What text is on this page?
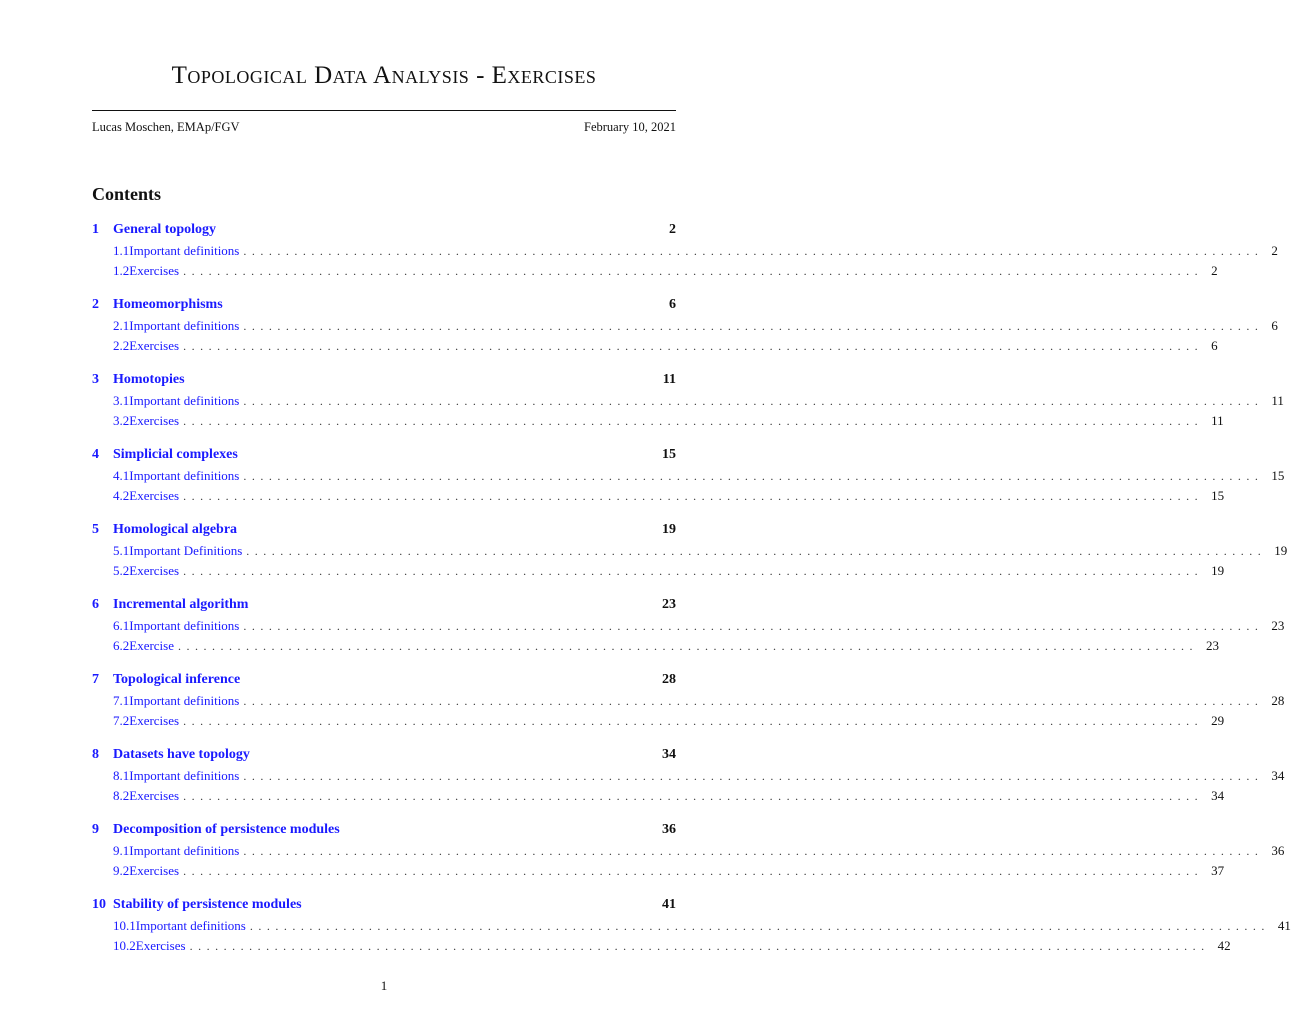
Topological Data Analysis - Exercises
Lucas Moschen, EMAp/FGV	February 10, 2021
Contents
1	General topology	2
1.1 Important definitions ........................................................................................................................ 2
1.2 Exercises ........................................................................................................................ 2
2	Homeomorphisms	6
2.1 Important definitions ........................................................................................................................ 6
2.2 Exercises ........................................................................................................................ 6
3	Homotopies	11
3.1 Important definitions ........................................................................................................................ 11
3.2 Exercises ........................................................................................................................ 11
4	Simplicial complexes	15
4.1 Important definitions ........................................................................................................................ 15
4.2 Exercises ........................................................................................................................ 15
5	Homological algebra	19
5.1 Important Definitions ........................................................................................................................ 19
5.2 Exercises ........................................................................................................................ 19
6	Incremental algorithm	23
6.1 Important definitions ........................................................................................................................ 23
6.2 Exercise ........................................................................................................................ 23
7	Topological inference	28
7.1 Important definitions ........................................................................................................................ 28
7.2 Exercises ........................................................................................................................ 29
8	Datasets have topology	34
8.1 Important definitions ........................................................................................................................ 34
8.2 Exercises ........................................................................................................................ 34
9	Decomposition of persistence modules	36
9.1 Important definitions ........................................................................................................................ 36
9.2 Exercises ........................................................................................................................ 37
10 Stability of persistence modules	41
10.1 Important definitions ........................................................................................................................ 41
10.2 Exercises ........................................................................................................................ 42
1
